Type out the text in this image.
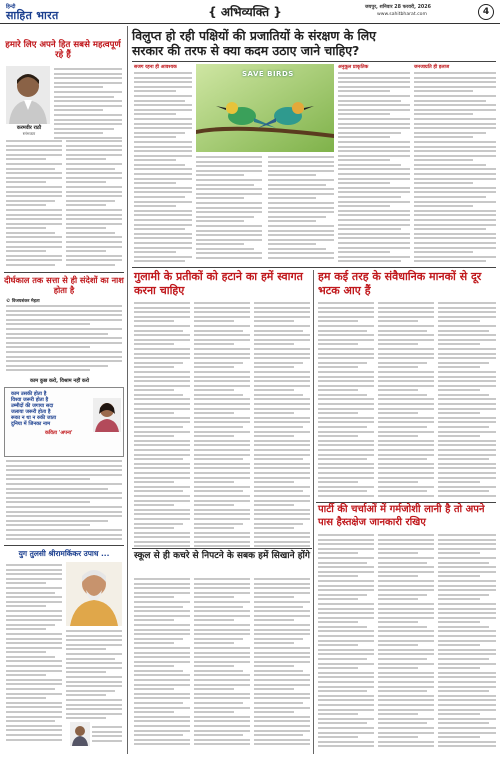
हिन्दी
साहित भारत	{ अभिव्यक्ति }	जयपुर, शनिवार 28 फरवरी, 2026
www.sahitbharat.com	4
हमारे लिए अपने हित सबसे महत्वपूर्ण रहे हैं
करमवीर राठौ
स्तंभकार
दीर्घकाल तक सत्ता से ही संदेशों का नाश होता है
© विजयशंकर मेहता
काम कुछ करो, विश्राम नहीं करो
काम उसकी होता है
विश्वा जरूरी होता है
उम्मीदों की जगाया सदा
जलाया जरूरी होता है
रूका न था न रुकी जाता
दुनिया में जिनका नाम
कविता 'अपना'
युग तुलसी श्रीरामकिंकर उपाध ...
विलुप्त हो रही पक्षियों की प्रजातियों के संरक्षण के लिए
सरकार की तरफ से क्या कदम उठाए जाने चाहिए?
सजग रहना ही आवश्यक
SAVE BIRDS
अनुकूल प्राकृतिक	जनजाग्रति ही इलाज
गुलामी के प्रतीकों को हटाने का हमें स्वागत करना चाहिए
स्कूल से ही कचरे से निपटने के सबक हमें सिखाने होंगे
हम कई तरह के संवैधानिक मानकों से दूर भटक आए हैं
पार्टी की चर्चाओं में गर्मजोशी लानी है तो अपने पास हैस्तक्षेज जानकारी रखिए
